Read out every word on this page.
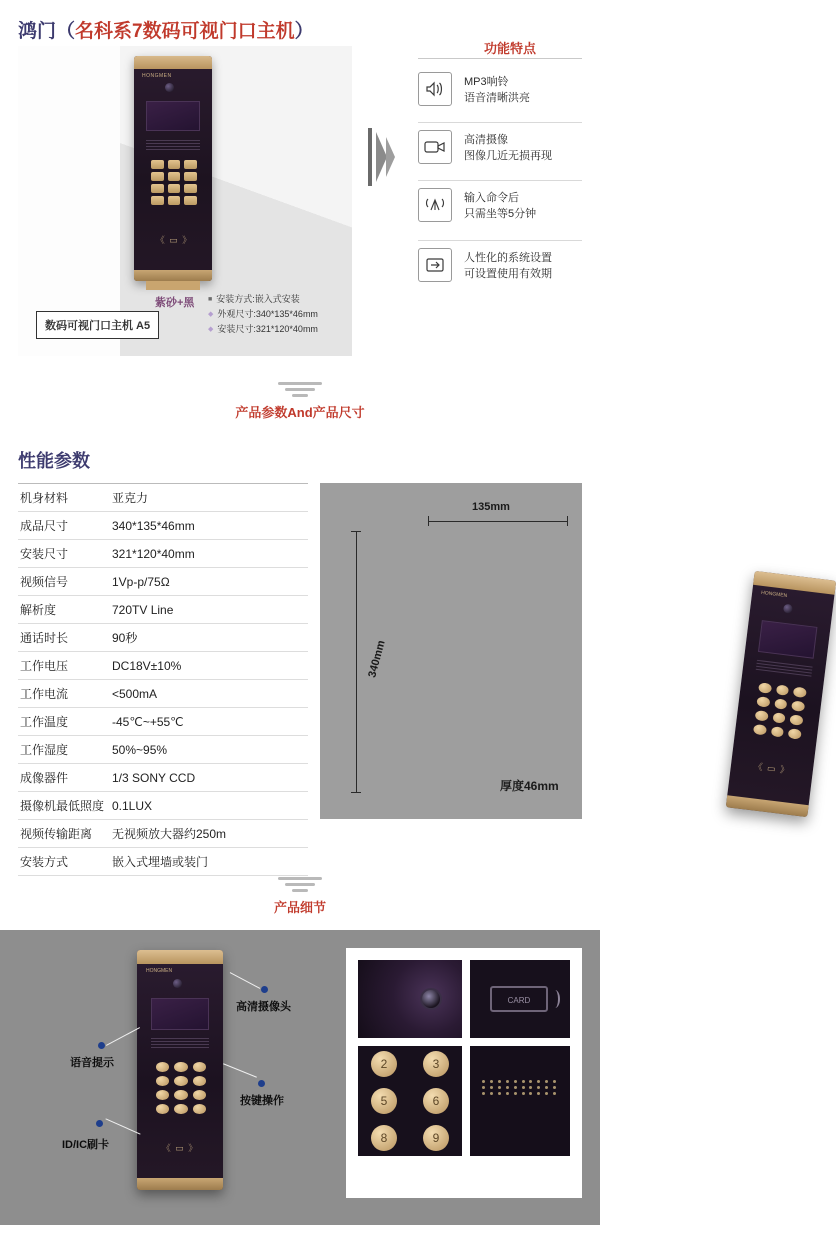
鸿门（名科系7数码可视门口主机）
HONGMEN
《 ▭ 》
紫砂+黑	■ 安装方式:嵌入式安装
◆ 外观尺寸:340*135*46mm
◆ 安装尺寸:321*120*40mm
数码可视门口主机 A5
功能特点
MP3响铃
语音清晰洪亮
高清摄像
图像几近无损再现
输入命令后
只需坐等5分钟
人性化的系统设置
可设置使用有效期
产品参数And产品尺寸
性能参数
机身材料	亚克力
成品尺寸	340*135*46mm
安装尺寸	321*120*40mm
视频信号	1Vp-p/75Ω
解析度	720TV Line
通话时长	90秒
工作电压	DC18V±10%
工作电流	<500mA
工作温度	-45℃~+55℃
工作湿度	50%~95%
成像器件	1/3 SONY CCD
摄像机最低照度	0.1LUX
视频传输距离	无视频放大器约250m
安装方式	嵌入式埋墙或装门
135mm
340mm
HONGMEN
《 ▭ 》
厚度46mm
产品细节
HONGMEN
《 ▭ 》
高清摄像头
语音提示
按键操作
ID/IC刷卡
CARD
2	3
5	6
8	9
